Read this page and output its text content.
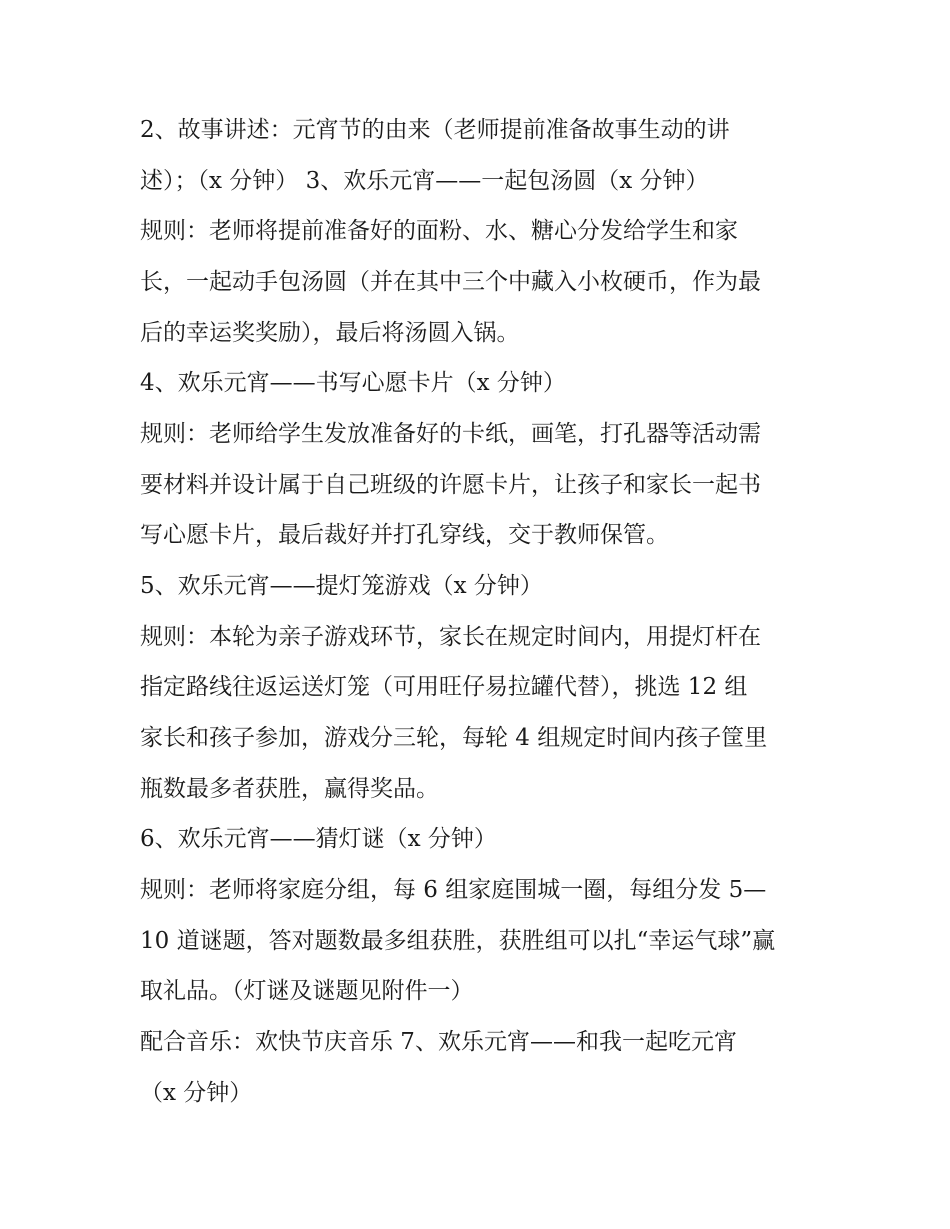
2、故事讲述：元宵节的由来（老师提前准备故事生动的讲
述）；（x 分钟） 3、欢乐元宵——一起包汤圆（x 分钟）
规则：老师将提前准备好的面粉、水、糖心分发给学生和家
长，一起动手包汤圆（并在其中三个中藏入小枚硬币，作为最
后的幸运奖奖励），最后将汤圆入锅。
4、欢乐元宵——书写心愿卡片（x 分钟）
规则：老师给学生发放准备好的卡纸，画笔，打孔器等活动需
要材料并设计属于自己班级的许愿卡片，让孩子和家长一起书
写心愿卡片，最后裁好并打孔穿线，交于教师保管。
5、欢乐元宵——提灯笼游戏（x 分钟）
规则：本轮为亲子游戏环节，家长在规定时间内，用提灯杆在
指定路线往返运送灯笼（可用旺仔易拉罐代替），挑选 12 组
家长和孩子参加，游戏分三轮，每轮 4 组规定时间内孩子筐里
瓶数最多者获胜，赢得奖品。
6、欢乐元宵——猜灯谜（x 分钟）
规则：老师将家庭分组，每 6 组家庭围城一圈，每组分发 5—
10 道谜题，答对题数最多组获胜，获胜组可以扎“幸运气球”赢
取礼品。（灯谜及谜题见附件一）
配合音乐：欢快节庆音乐 7、欢乐元宵——和我一起吃元宵
（x 分钟）
